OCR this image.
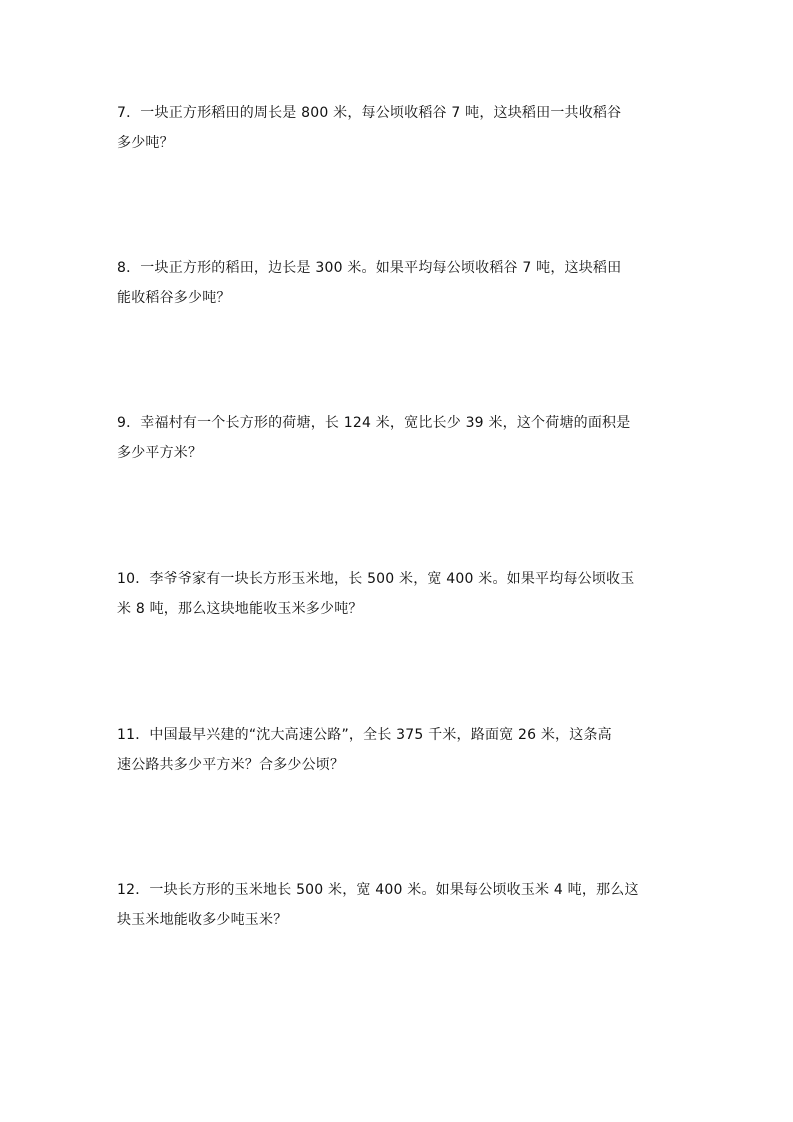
7．一块正方形稻田的周长是 800 米，每公顷收稻谷 7 吨，这块稻田一共收稻谷
多少吨？
8．一块正方形的稻田，边长是 300 米。如果平均每公顷收稻谷 7 吨，这块稻田
能收稻谷多少吨？
9．幸福村有一个长方形的荷塘，长 124 米，宽比长少 39 米，这个荷塘的面积是
多少平方米？
10．李爷爷家有一块长方形玉米地，长 500 米，宽 400 米。如果平均每公顷收玉
米 8 吨，那么这块地能收玉米多少吨？
11．中国最早兴建的“沈大高速公路”，全长 375 千米，路面宽 26 米，这条高
速公路共多少平方米？合多少公顷？
12．一块长方形的玉米地长 500 米，宽 400 米。如果每公顷收玉米 4 吨，那么这
块玉米地能收多少吨玉米？
